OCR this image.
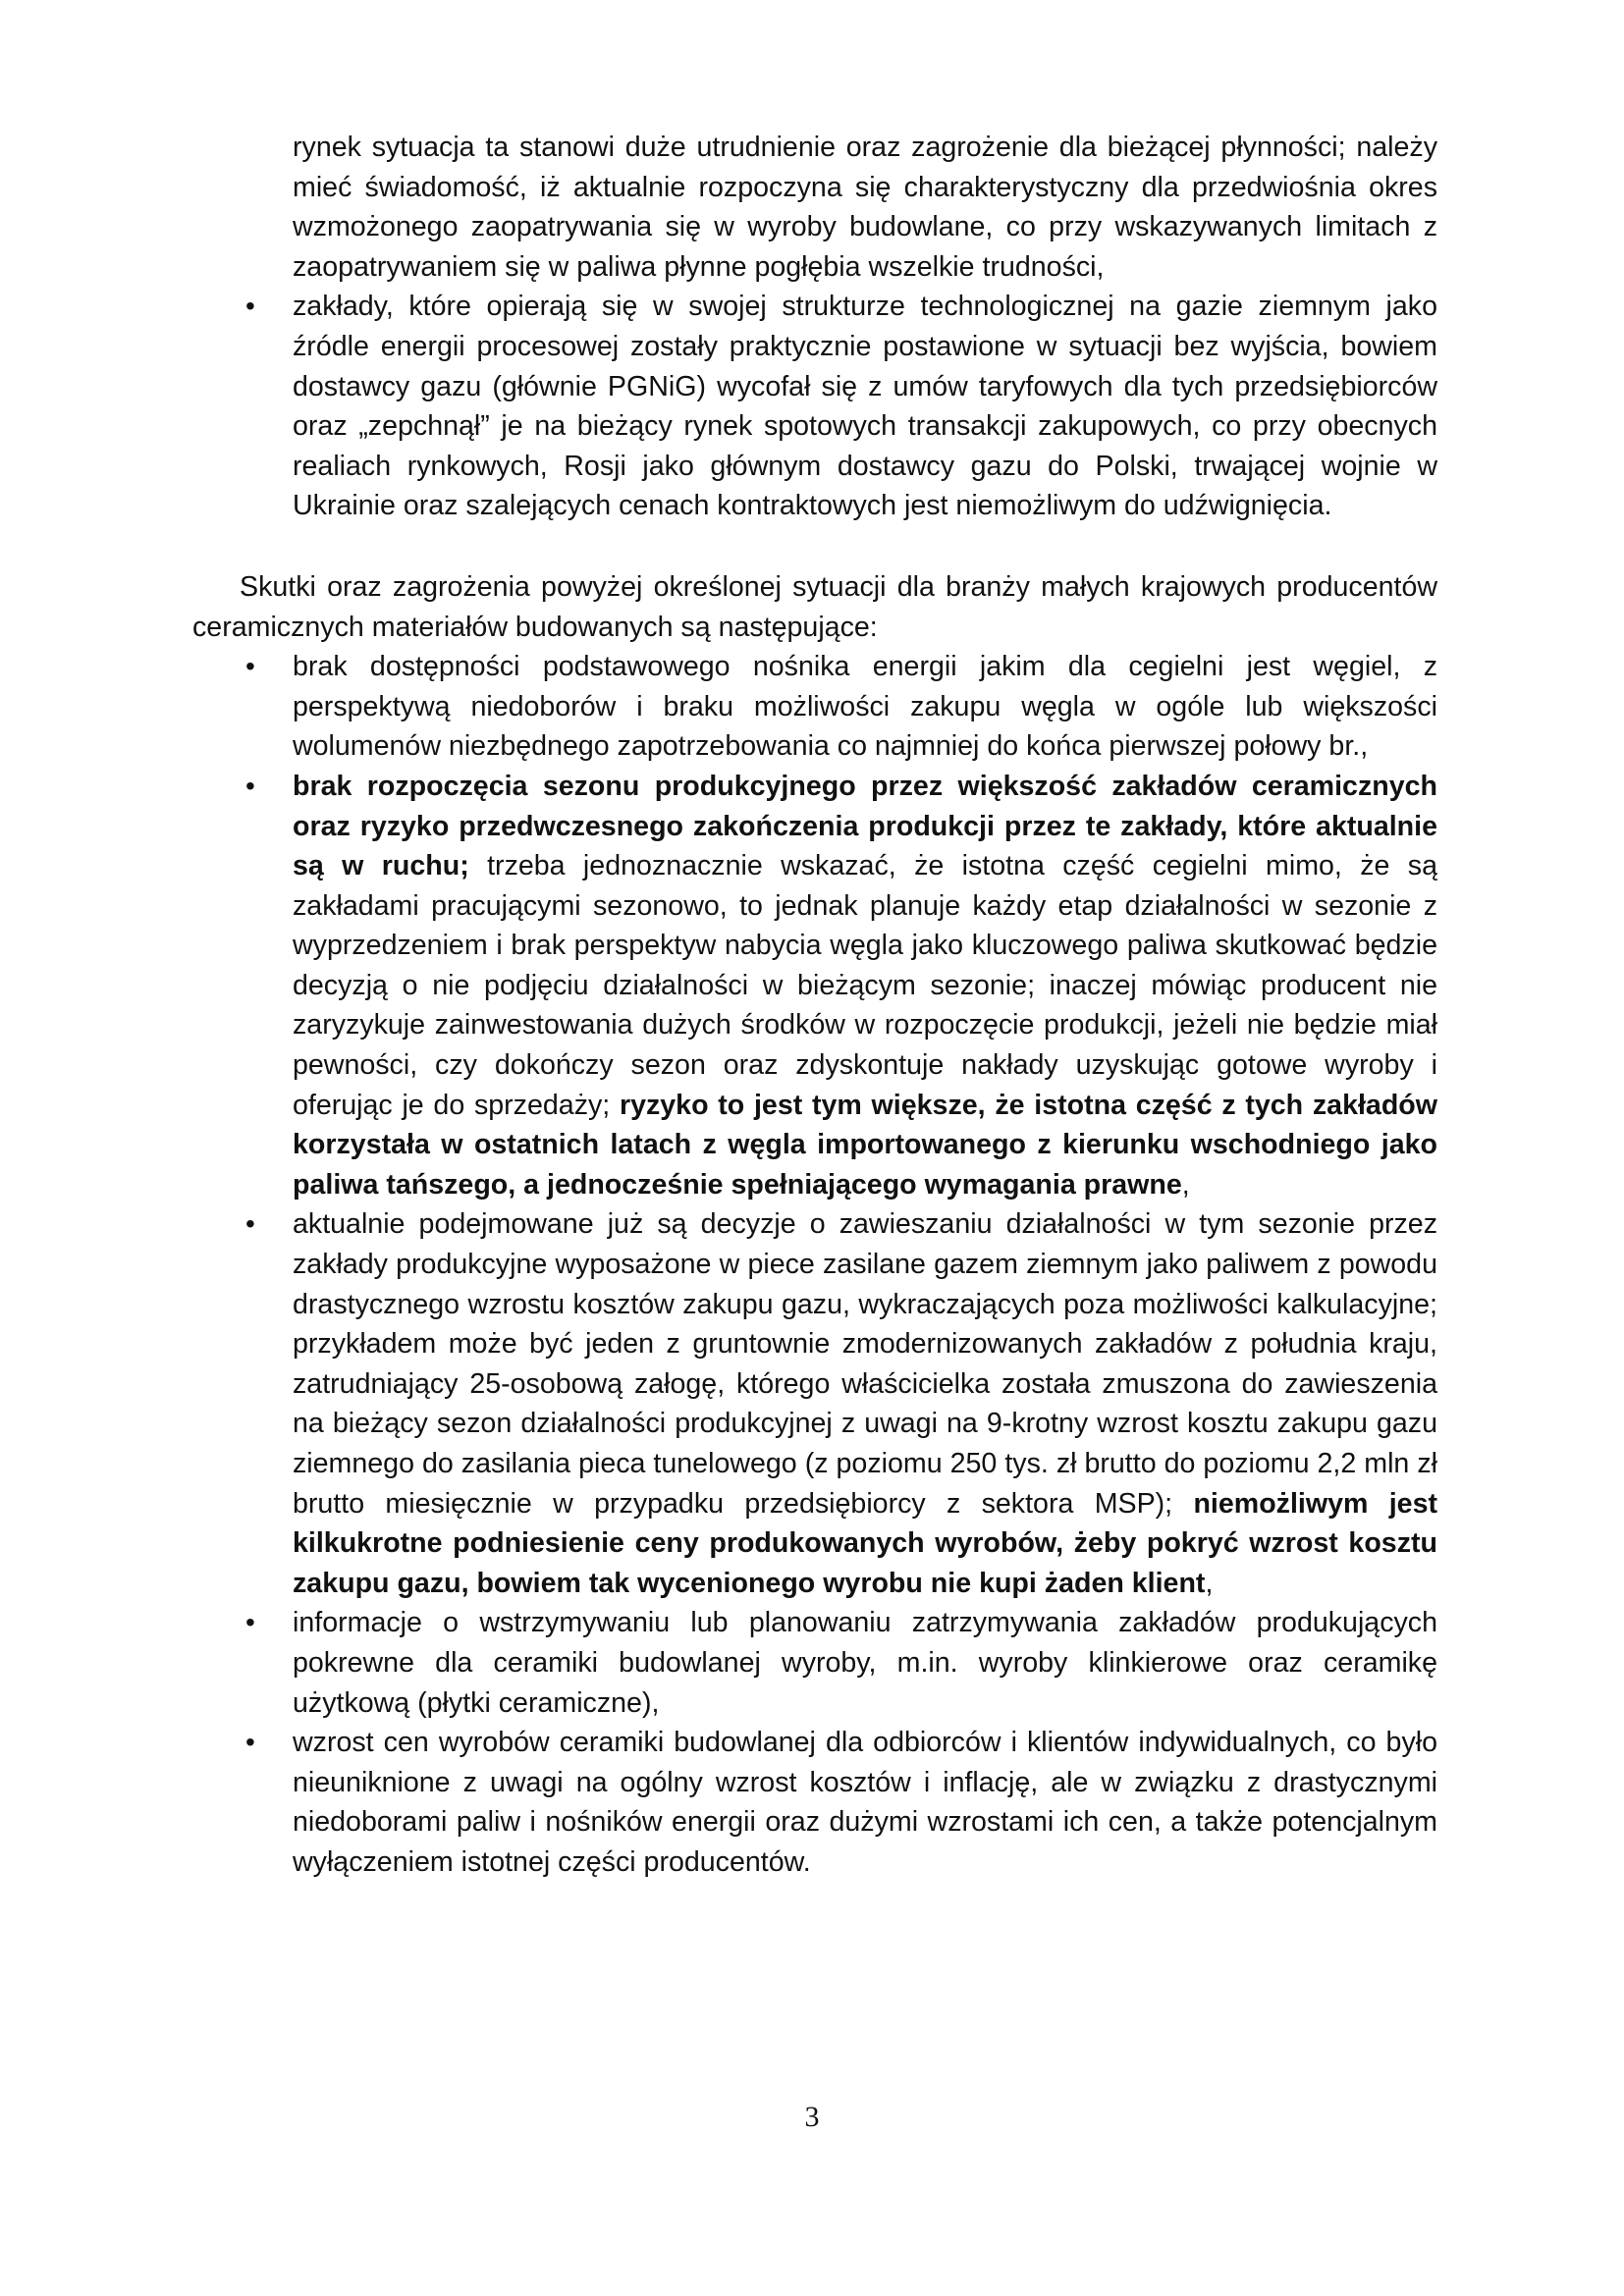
rynek sytuacja ta stanowi duże utrudnienie oraz zagrożenie dla bieżącej płynności; należy mieć świadomość, iż aktualnie rozpoczyna się charakterystyczny dla przedwiośnia okres wzmożonego zaopatrywania się w wyroby budowlane, co przy wskazywanych limitach z zaopatrywaniem się w paliwa płynne pogłębia wszelkie trudności,
• zakłady, które opierają się w swojej strukturze technologicznej na gazie ziemnym jako źródle energii procesowej zostały praktycznie postawione w sytuacji bez wyjścia, bowiem dostawcy gazu (głównie PGNiG) wycofał się z umów taryfowych dla tych przedsiębiorców oraz „zepchnął” je na bieżący rynek spotowych transakcji zakupowych, co przy obecnych realiach rynkowych, Rosji jako głównym dostawcy gazu do Polski, trwającej wojnie w Ukrainie oraz szalejących cenach kontraktowych jest niemożliwym do udźwignięcia.

Skutki oraz zagrożenia powyżej określonej sytuacji dla branży małych krajowych producentów ceramicznych materiałów budowanych są następujące:

• brak dostępności podstawowego nośnika energii jakim dla cegielni jest węgiel, z perspektywą niedoborów i braku możliwości zakupu węgla w ogóle lub większości wolumenów niezbędnego zapotrzebowania co najmniej do końca pierwszej połowy br.,
• brak rozpoczęcia sezonu produkcyjnego przez większość zakładów ceramicznych oraz ryzyko przedwczesnego zakończenia produkcji przez te zakłady, które aktualnie są w ruchu; trzeba jednoznacznie wskazać, że istotna część cegielni mimo, że są zakładami pracującymi sezonowo, to jednak planuje każdy etap działalności w sezonie z wyprzedzeniem i brak perspektyw nabycia węgla jako kluczowego paliwa skutkować będzie decyzją o nie podjęciu działalności w bieżącym sezonie; inaczej mówiąc producent nie zaryzykuje zainwestowania dużych środków w rozpoczęcie produkcji, jeżeli nie będzie miał pewności, czy dokończy sezon oraz zdyskontuje nakłady uzyskując gotowe wyroby i oferując je do sprzedaży; ryzyko to jest tym większe, że istotna część z tych zakładów korzystała w ostatnich latach z węgla importowanego z kierunku wschodniego jako paliwa tańszego, a jednocześnie spełniającego wymagania prawne,
• aktualnie podejmowane już są decyzje o zawieszaniu działalności w tym sezonie przez zakłady produkcyjne wyposażone w piece zasilane gazem ziemnym jako paliwem z powodu drastycznego wzrostu kosztów zakupu gazu, wykraczających poza możliwości kalkulacyjne; przykładem może być jeden z gruntownie zmodernizowanych zakładów z południa kraju, zatrudniający 25-osobową załogę, którego właścicielka została zmuszona do zawieszenia na bieżący sezon działalności produkcyjnej z uwagi na 9-krotny wzrost kosztu zakupu gazu ziemnego do zasilania pieca tunelowego (z poziomu 250 tys. zł brutto do poziomu 2,2 mln zł brutto miesięcznie w przypadku przedsiębiorcy z sektora MSP); niemożliwym jest kilkukrotne podniesienie ceny produkowanych wyrobów, żeby pokryć wzrost kosztu zakupu gazu, bowiem tak wycenionego wyrobu nie kupi żaden klient,
• informacje o wstrzymywaniu lub planowaniu zatrzymywania zakładów produkujących pokrewne dla ceramiki budowlanej wyroby, m.in. wyroby klinkierowe oraz ceramikę użytkową (płytki ceramiczne),
• wzrost cen wyrobów ceramiki budowlanej dla odbiorców i klientów indywidualnych, co było nieuniknione z uwagi na ogólny wzrost kosztów i inflację, ale w związku z drastycznymi niedoborami paliw i nośników energii oraz dużymi wzrostami ich cen, a także potencjalnym wyłączeniem istotnej części producentów.
3
